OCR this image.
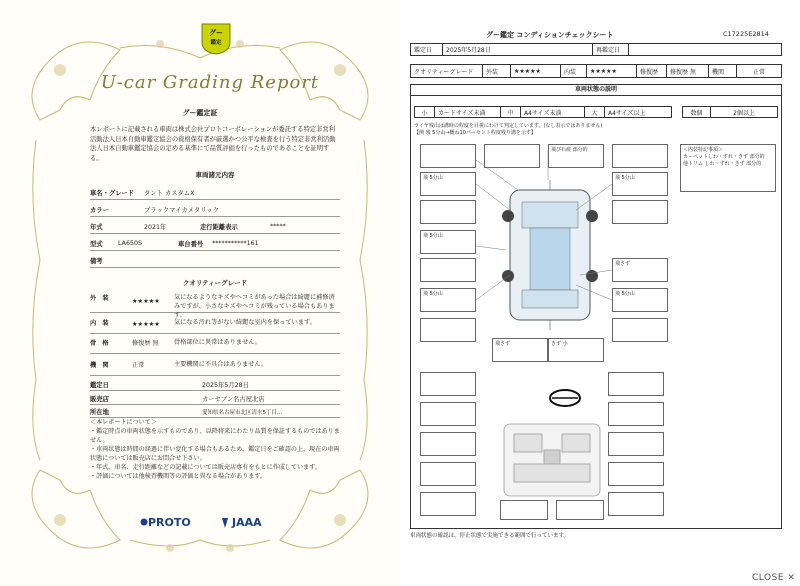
グー
鑑定
U-car Grading Report
グー鑑定証
本レポートに記載される車両は株式会社プロトコーポレーションが委託する特定非営利活動法人日本自動車鑑定協会の資格保有者が厳選かつ公平な検査を行う特定非営利活動法人日本自動車鑑定協会の定める基準にて品質評価を行ったものであることを証明する。
車両諸元内容
車名・グレード	タント カスタムX
カラー	ブラックマイカメタリック
年式	2021年	走行距離表示	*****
型式	LA650S	車台番号	***********161
備考
クオリティーグレード
外　装	★★★★★
気になるようなキズやヘコミがあった場合は綺麗に補修済みですが、小さなキズやヘコミが残っている場合もあります。
内　装	★★★★★	気になる汚れ等がない綺麗な室内を保っています。
骨　格	修復歴 無	骨格部位に異常はありません。
機　関	正常	主要機関に不具合はありません。
鑑定日	2025年5月28日
販売店	カーセブン名古屋北店
所在地	愛知県名古屋市北区清水5丁目...
＜本レポートについて＞
・鑑定時点の車両状態を示すものであり、以降将来にわたり品質を保証するものではありません。
・車両状態は時間の経過に伴い変化する場合もあるため、鑑定日をご確認の上、現在の車両状態については販売店にお問合せ下さい。
・年式、車名、走行距離などの記載については販売店専有をもとに作成しています。
・評価については他検査機関等の評価と異なる場合があります。
PROTO	JAAA
グー鑑定 コンディションチェックシート	C17225E2814
鑑定日	2025年5月28日	再鑑定日
クオリティーグレード	外装	★★★★★	内装	★★★★★	修復歴	修復歴 無	機関	正常
車両状態の説明
小	カードサイズ未満	中	A4サイズ未満	大	A4サイズ以上	数個	2個以上
ライヤ残山は溝時の程度を目視にわけて判定しています。(なし表示ではありません)
【例 残 5分山→概ね10パーセント程度残り溝を示す】
飛び石痕 部分的	＜内装特記事項＞
カーペットしわ・すれ・きず 部分的
他トリム しわ・すれ・きず 部分的
飛 5分山	飛 5分山
飛 5分山
飛さず
飛 5分山	飛 5分山
飛さず	きず 小
車両状態の確認は、停止状態で実施できる範囲で行っています。
CLOSE ✕
